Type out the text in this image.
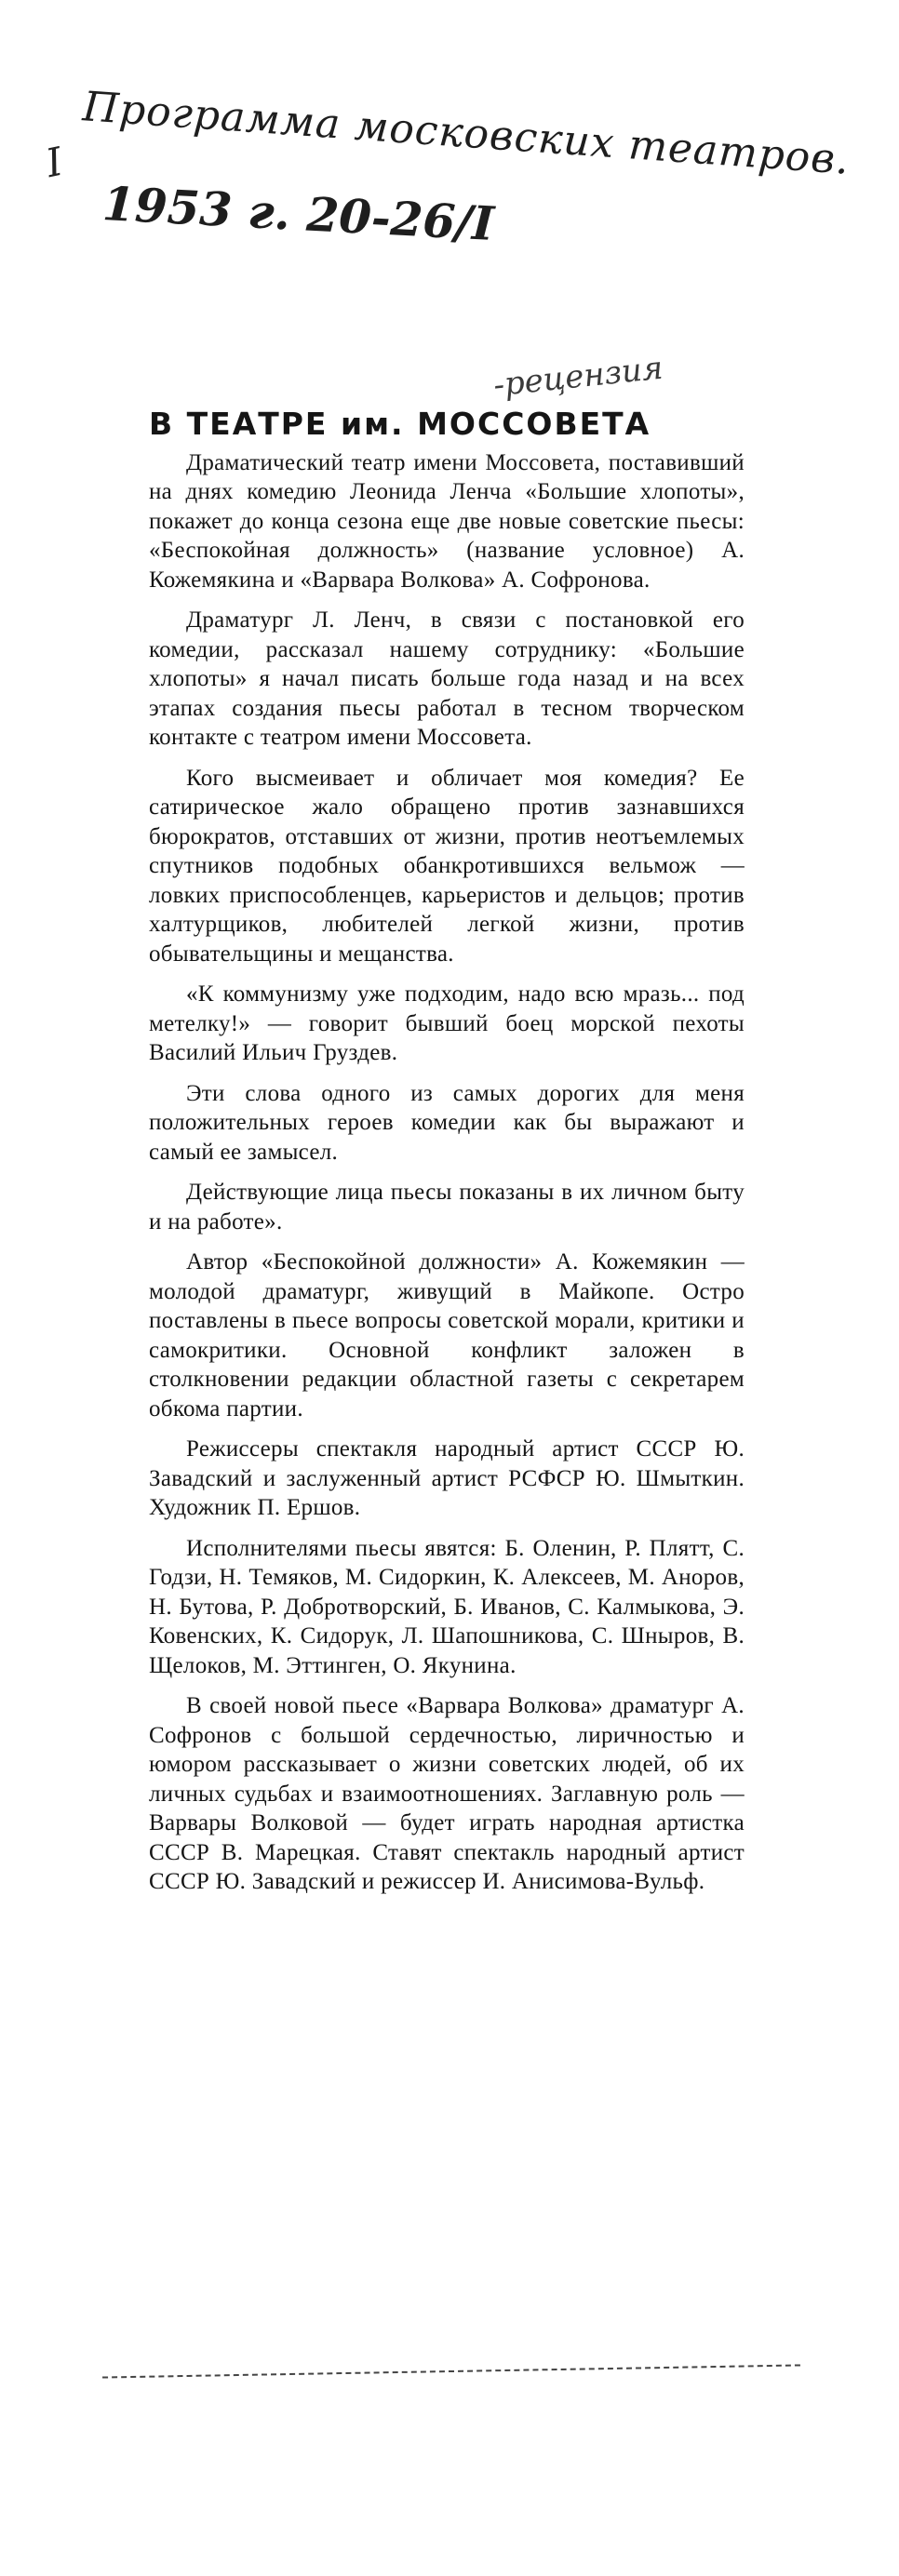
I Программа московских театров.
1953 г. 20-26/I
-рецензия
В ТЕАТРЕ им. МОССОВЕТА

Драматический театр имени Моссовета, поставивший на днях комедию Леонида Ленча «Большие хлопоты», покажет до конца сезона еще две новые советские пьесы: «Беспокойная должность» (название условное) А. Кожемякина и «Варвара Волкова» А. Софронова.

Драматург Л. Ленч, в связи с постановкой его комедии, рассказал нашему сотруднику: «Большие хлопоты» я начал писать больше года назад и на всех этапах создания пьесы работал в тесном творческом контакте с театром имени Моссовета.

Кого высмеивает и обличает моя комедия? Ее сатирическое жало обращено против зазнавшихся бюрократов, отставших от жизни, против неотъемлемых спутников подобных обанкротившихся вельмож — ловких приспособленцев, карьеристов и дельцов; против халтурщиков, любителей легкой жизни, против обывательщины и мещанства.

«К коммунизму уже подходим, надо всю мразь... под метелку!» — говорит бывший боец морской пехоты Василий Ильич Груздев.

Эти слова одного из самых дорогих для меня положительных героев комедии как бы выражают и самый ее замысел.

Действующие лица пьесы показаны в их личном быту и на работе».

Автор «Беспокойной должности» А. Кожемякин — молодой драматург, живущий в Майкопе. Остро поставлены в пьесе вопросы советской морали, критики и самокритики. Основной конфликт заложен в столкновении редакции областной газеты с секретарем обкома партии.

Режиссеры спектакля народный артист СССР Ю. Завадский и заслуженный артист РСФСР Ю. Шмыткин. Художник П. Ершов.

Исполнителями пьесы явятся: Б. Оленин, Р. Плятт, С. Годзи, Н. Темяков, М. Сидоркин, К. Алексеев, М. Аноров, Н. Бутова, Р. Добротворский, Б. Иванов, С. Калмыкова, Э. Ковенских, К. Сидорук, Л. Шапошникова, С. Шныров, В. Щелоков, М. Эттинген, О. Якунина.

В своей новой пьесе «Варвара Волкова» драматург А. Софронов с большой сердечностью, лиричностью и юмором рассказывает о жизни советских людей, об их личных судьбах и взаимоотношениях. Заглавную роль — Варвары Волковой — будет играть народная артистка СССР В. Марецкая. Ставят спектакль народный артист СССР Ю. Завадский и режиссер И. Анисимова-Вульф.
